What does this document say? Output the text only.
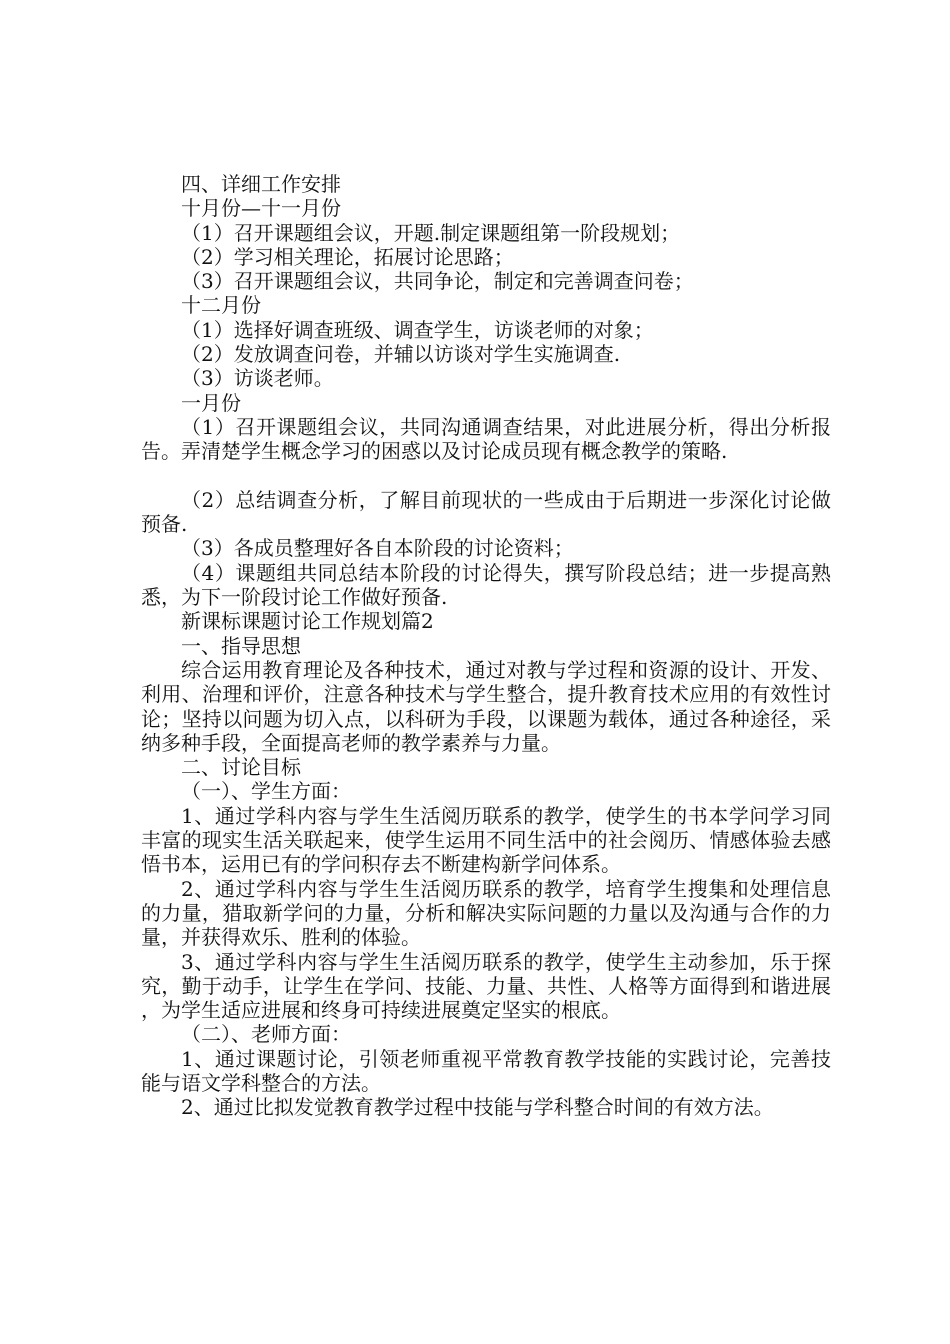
四、详细工作安排

十月份—十一月份

（1）召开课题组会议，开题.制定课题组第一阶段规划；

（2）学习相关理论，拓展讨论思路；

（3）召开课题组会议，共同争论，制定和完善调查问卷；

十二月份

（1）选择好调查班级、调查学生，访谈老师的对象；

（2）发放调查问卷，并辅以访谈对学生实施调查.

（3）访谈老师。

一月份

（1）召开课题组会议，共同沟通调查结果，对此进展分析，得出分析报告。弄清楚学生概念学习的困惑以及讨论成员现有概念教学的策略.

（2）总结调查分析，了解目前现状的一些成由于后期进一步深化讨论做预备.

（3）各成员整理好各自本阶段的讨论资料；

（4）课题组共同总结本阶段的讨论得失，撰写阶段总结；进一步提高熟悉，为下一阶段讨论工作做好预备.

新课标课题讨论工作规划篇2

一、指导思想

综合运用教育理论及各种技术，通过对教与学过程和资源的设计、开发、利用、治理和评价，注意各种技术与学生整合，提升教育技术应用的有效性讨论；坚持以问题为切入点，以科研为手段，以课题为载体，通过各种途径，采纳多种手段，全面提高老师的教学素养与力量。

二、讨论目标

（一）、学生方面：

1、通过学科内容与学生生活阅历联系的教学，使学生的书本学问学习同丰富的现实生活关联起来，使学生运用不同生活中的社会阅历、情感体验去感悟书本，运用已有的学问积存去不断建构新学问体系。

2、通过学科内容与学生生活阅历联系的教学，培育学生搜集和处理信息的力量，猎取新学问的力量，分析和解决实际问题的力量以及沟通与合作的力量，并获得欢乐、胜利的体验。

3、通过学科内容与学生生活阅历联系的教学，使学生主动参加，乐于探究，勤于动手，让学生在学问、技能、力量、共性、人格等方面得到和谐进展，为学生适应进展和终身可持续进展奠定坚实的根底。

（二）、老师方面：

1、通过课题讨论，引领老师重视平常教育教学技能的实践讨论，完善技能与语文学科整合的方法。

2、通过比拟发觉教育教学过程中技能与学科整合时间的有效方法。
